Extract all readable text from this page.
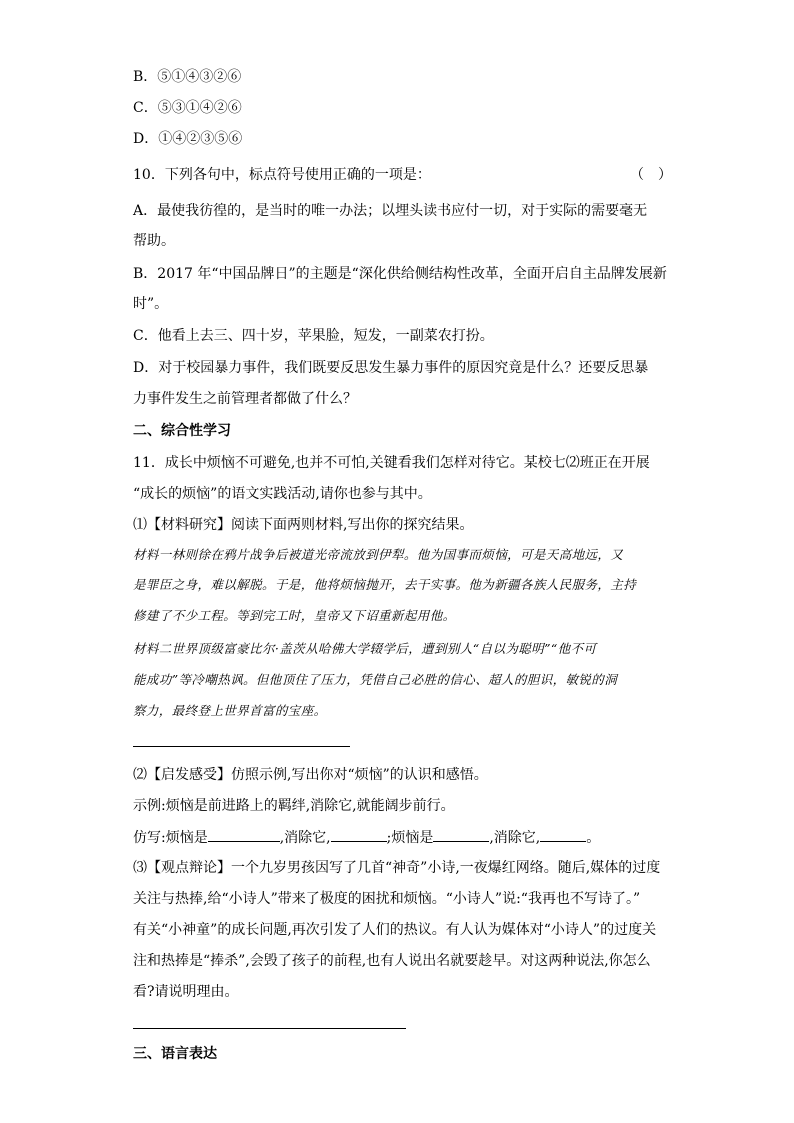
B．⑤①④③②⑥
C．⑤③①④②⑥
D．①④②③⑤⑥
10．下列各句中，标点符号使用正确的一项是：	（　）
A．最使我彷徨的，是当时的唯一办法；以埋头读书应付一切，对于实际的需要毫无
帮助。
B．2017 年“中国品牌日”的主题是“深化供给侧结构性改革，全面开启自主品牌发展新
时”。
C．他看上去三、四十岁，苹果脸，短发，一副菜农打扮。
D．对于校园暴力事件，我们既要反思发生暴力事件的原因究竟是什么？还要反思暴
力事件发生之前管理者都做了什么？
二、综合性学习
11．成长中烦恼不可避免,也并不可怕,关键看我们怎样对待它。某校七⑵班正在开展
“成长的烦恼”的语文实践活动,请你也参与其中。
⑴【材料研究】阅读下面两则材料,写出你的探究结果。
材料一林则徐在鸦片战争后被道光帝流放到伊犁。他为国事而烦恼，可是天高地远，又
是罪臣之身，难以解脱。于是，他将烦恼抛开，去干实事。他为新疆各族人民服务，主持
修建了不少工程。等到完工时，皇帝又下诏重新起用他。
材料二世界顶级富豪比尔·盖茨从哈佛大学辍学后，遭到别人“自以为聪明”“他不可
能成功”等冷嘲热讽。但他顶住了压力，凭借自己必胜的信心、超人的胆识，敏锐的洞
察力，最终登上世界首富的宝座。
⑵【启发感受】仿照示例,写出你对“烦恼”的认识和感悟。
示例:烦恼是前进路上的羁绊,消除它,就能阔步前行。
仿写:烦恼是	,消除它,	;烦恼是	,消除它,	。
⑶【观点辩论】一个九岁男孩因写了几首“神奇”小诗,一夜爆红网络。随后,媒体的过度
关注与热捧,给“小诗人”带来了极度的困扰和烦恼。“小诗人”说:“我再也不写诗了。”
有关“小神童”的成长问题,再次引发了人们的热议。有人认为媒体对“小诗人”的过度关
注和热捧是“捧杀”,会毁了孩子的前程,也有人说出名就要趁早。对这两种说法,你怎么
看?请说明理由。
三、语言表达
